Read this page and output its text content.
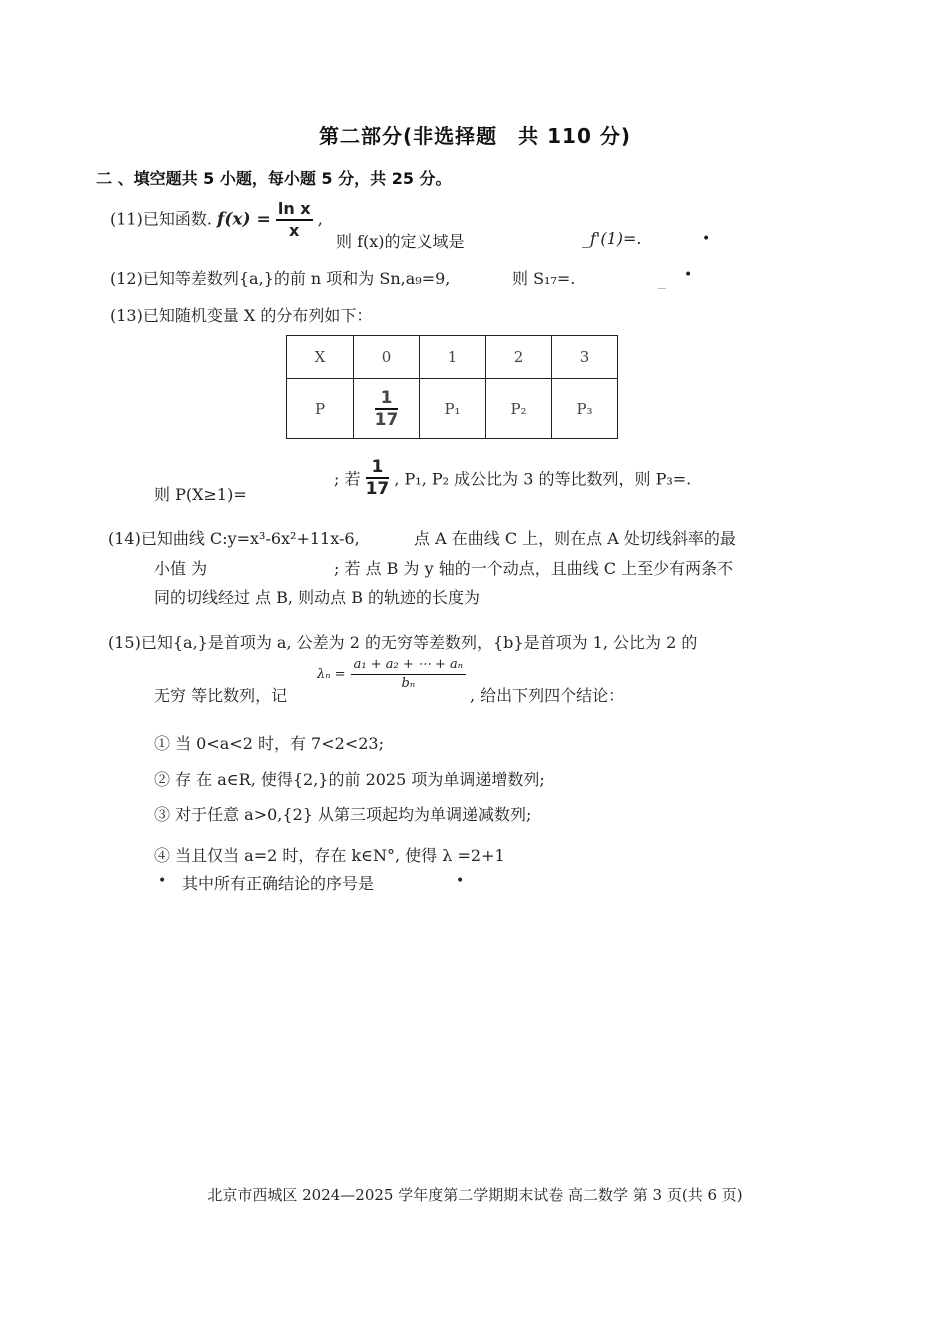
第二部分(非选择题　共 110 分)
二 、填空题共 5 小题，每小题 5 分，共 25 分。
(11)已知函数. $f(x) = \frac{\text{ln x}}{x}$ ,
则 f(x)的定义域是	_f'(1)=.	•
(12)已知等差数列{a,}的前 n 项和为 Sn,a₉=9,	则 S₁₇=.	_ •
(13)已知随机变量 X 的分布列如下：
X	0	1	2	3
P	$\frac{1}{17}$	P₁	P₂	P₃
则 P(X≥1)=
; 若 $\frac{1}{17}$ , P₁, P₂ 成公比为 3 的等比数列，则 P₃=.
(14)已知曲线 C:y=x³-6x²+11x-6,	点 A 在曲线 C 上，则在点 A 处切线斜率的最
小值 为	; 若 点 B 为 y 轴的一个动点，且曲线 C 上至少有两条不
同的切线经过 点 B, 则动点 B 的轨迹的长度为
(15)已知{a,}是首项为 a, 公差为 2 的无穷等差数列，{b}是首项为 1, 公比为 2 的
无穷 等比数列，记
$\lambda_n = \frac{\text{a₁ + a₂ + ⋯ + aₙ}}{\text{bₙ}}$
, 给出下列四个结论：
① 当 0<a<2 时，有 7<2<23;
② 存 在 a∈R, 使得{2,}的前 2025 项为单调递增数列;
③ 对于任意 a>0,{2} 从第三项起均为单调递减数列;
④ 当且仅当 a=2 时，存在 k∈N°, 使得 λ =2+1
• 其中所有正确结论的序号是	•
北京市西城区 2024—2025 学年度第二学期期末试卷 高二数学 第 3 页(共 6 页)
